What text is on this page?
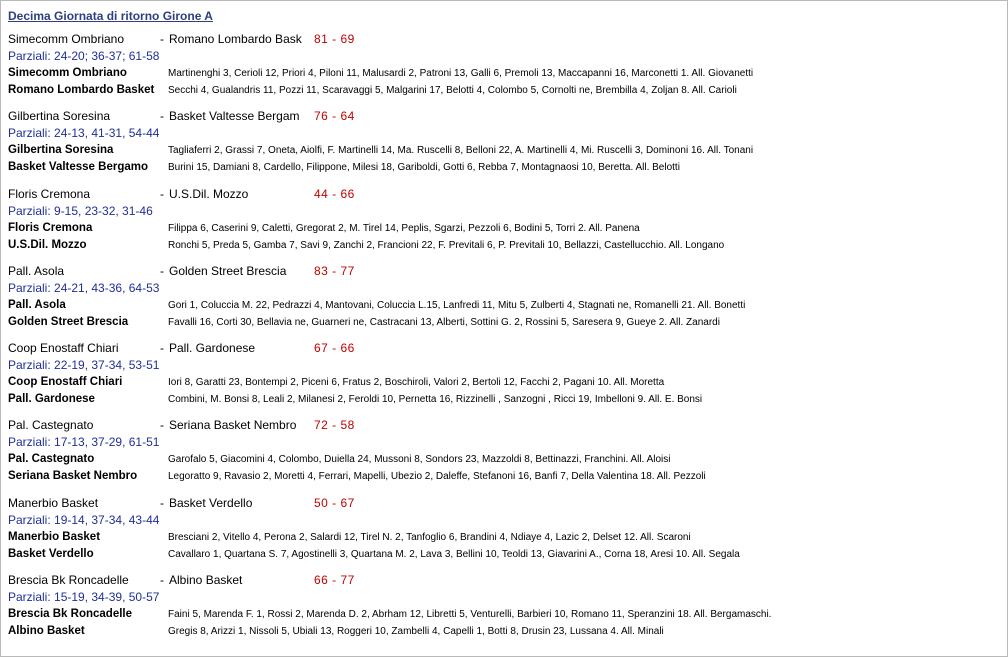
Decima Giornata di ritorno Girone A
Simecomm Ombriano	- Romano Lombardo Bask 81 - 69
Parziali: 24-20; 36-37; 61-58
Simecomm Ombriano	Martinenghi 3, Cerioli 12, Priori 4, Piloni 11, Malusardi 2, Patroni 13, Galli 6, Premoli 13, Maccapanni 16, Marconetti 1. All. Giovanetti
Romano Lombardo Basket	Secchi 4, Gualandris 11, Pozzi 11, Scaravaggi 5, Malgarini 17, Belotti 4, Colombo 5, Cornolti ne, Brembilla 4, Zoljan 8. All. Carioli
Gilbertina Soresina	- Basket Valtesse Bergam 76 - 64
Parziali: 24-13, 41-31, 54-44
Gilbertina Soresina	Tagliaferri 2, Grassi 7, Oneta, Aiolfi, F. Martinelli 14, Ma. Ruscelli 8, Belloni 22, A. Martinelli 4, Mi. Ruscelli 3, Dominoni 16. All. Tonani
Basket Valtesse Bergamo	Burini 15, Damiani 8, Cardello, Filippone, Milesi 18, Gariboldi, Gotti 6, Rebba 7, Montagnaosi 10, Beretta. All. Belotti
Floris Cremona	- U.S.Dil. Mozzo	44 - 66
Parziali: 9-15, 23-32, 31-46
Floris Cremona	Filippa 6, Caserini 9, Caletti, Gregorat 2, M. Tirel 14, Peplis, Sgarzi, Pezzoli 6, Bodini 5, Torri 2. All. Panena
U.S.Dil. Mozzo	Ronchi 5, Preda 5, Gamba 7, Savi 9, Zanchi 2, Francioni 22, F. Previtali 6, P. Previtali 10, Bellazzi, Castellucchio. All. Longano
Pall. Asola	- Golden Street Brescia 83 - 77
Parziali: 24-21, 43-36, 64-53
Pall. Asola	Gori 1, Coluccia M. 22, Pedrazzi 4, Mantovani, Coluccia L.15, Lanfredi 11, Mitu 5, Zulberti 4, Stagnati ne, Romanelli 21. All. Bonetti
Golden Street Brescia	Favalli 16, Corti 30, Bellavia ne, Guarneri ne, Castracani 13, Alberti, Sottini G. 2, Rossini 5, Saresera 9, Gueye 2. All. Zanardi
Coop Enostaff Chiari	- Pall. Gardonese	67 - 66
Parziali: 22-19, 37-34, 53-51
Coop Enostaff Chiari	Iori 8, Garatti 23, Bontempi 2, Piceni 6, Fratus 2, Boschiroli, Valori 2, Bertoli 12, Facchi 2, Pagani 10. All. Moretta
Pall. Gardonese	Combini, M. Bonsi 8, Leali 2, Milanesi 2, Feroldi 10, Pernetta 16, Rizzinelli , Sanzogni , Ricci 19, Imbelloni 9. All. E. Bonsi
Pal. Castegnato	- Seriana Basket Nembro 72 - 58
Parziali: 17-13, 37-29, 61-51
Pal. Castegnato	Garofalo 5, Giacomini 4, Colombo, Duiella 24, Mussoni 8, Sondors 23, Mazzoldi 8, Bettinazzi, Franchini. All. Aloisi
Seriana Basket Nembro	Legoratto 9, Ravasio 2, Moretti 4, Ferrari, Mapelli, Ubezio 2, Daleffe, Stefanoni 16, Banfi 7, Della Valentina 18. All. Pezzoli
Manerbio Basket	- Basket Verdello	50 - 67
Parziali: 19-14, 37-34, 43-44
Manerbio Basket	Bresciani 2, Vitello 4, Perona 2, Salardi 12, Tirel N. 2, Tanfoglio 6, Brandini 4, Ndiaye 4, Lazic 2, Delset 12. All. Scaroni
Basket Verdello	Cavallaro 1, Quartana S. 7, Agostinelli 3, Quartana M. 2, Lava 3, Bellini 10, Teoldi 13, Giavarini A., Corna 18, Aresi 10. All. Segala
Brescia Bk Roncadelle	- Albino Basket	66 - 77
Parziali: 15-19, 34-39, 50-57
Brescia Bk Roncadelle	Faini 5, Marenda F. 1, Rossi 2, Marenda D. 2, Abrham 12, Libretti 5, Venturelli, Barbieri 10, Romano 11, Speranzini 18. All. Bergamaschi.
Albino Basket	Gregis 8, Arizzi 1, Nissoli 5, Ubiali 13, Roggeri 10, Zambelli 4, Capelli 1, Botti 8, Drusin 23, Lussana 4. All. Minali
